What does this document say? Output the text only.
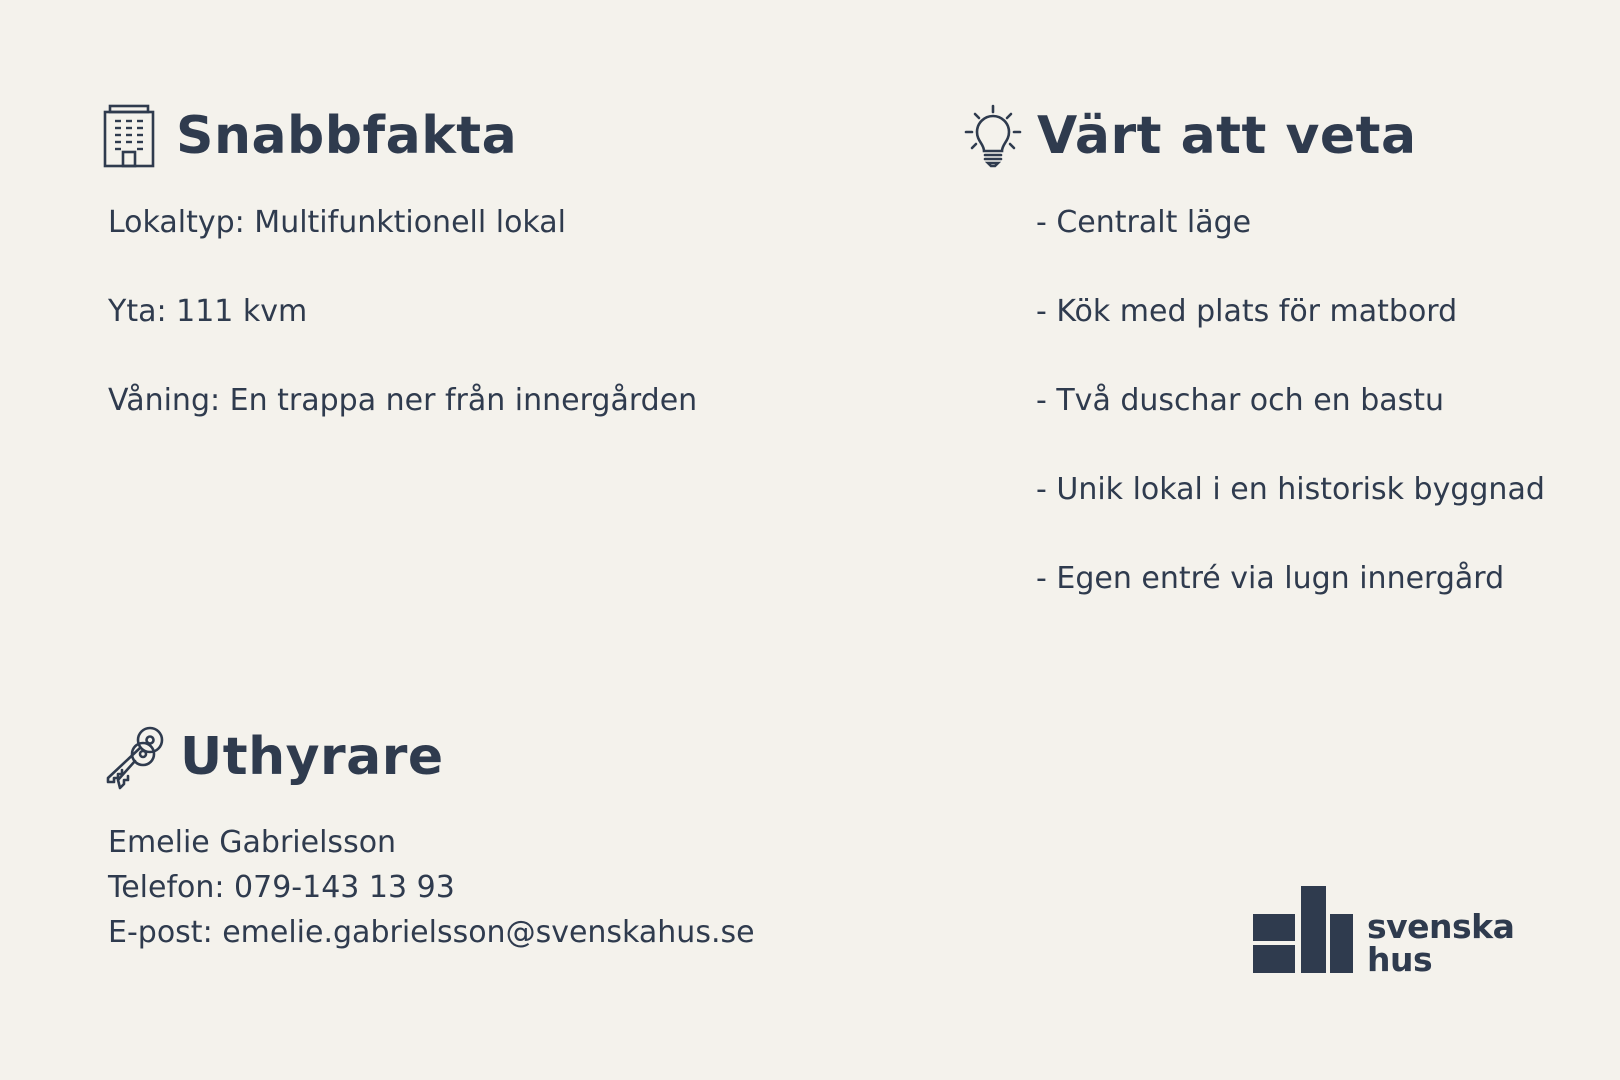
Snabbfakta
Lokaltyp: Multifunktionell lokal
Yta: 111 kvm
Våning: En trappa ner från innergården
Värt att veta
- Centralt läge
- Kök med plats för matbord
- Två duschar och en bastu
- Unik lokal i en historisk byggnad
- Egen entré via lugn innergård
Uthyrare
Emelie Gabrielsson
Telefon: 079-143 13 93
E-post: emelie.gabrielsson@svenskahus.se	svenska
hus
